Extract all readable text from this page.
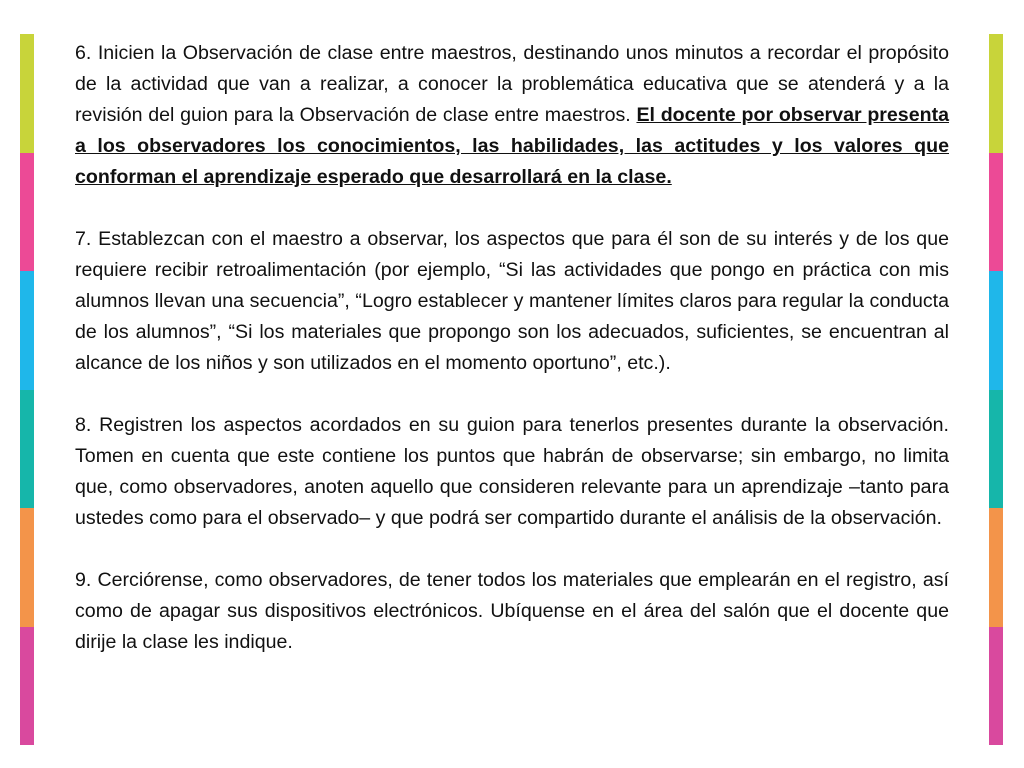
6. Inicien la Observación de clase entre maestros, destinando unos minutos a recordar el propósito de la actividad que van a realizar, a conocer la problemática educativa que se atenderá y a la revisión del guion para la Observación de clase entre maestros. El docente por observar presenta a los observadores los conocimientos, las habilidades, las actitudes y los valores que conforman el aprendizaje esperado que desarrollará en la clase.

7. Establezcan con el maestro a observar, los aspectos que para él son de su interés y de los que requiere recibir retroalimentación (por ejemplo, “Si las actividades que pongo en práctica con mis alumnos llevan una secuencia”, “Logro establecer y mantener límites claros para regular la conducta de los alumnos”, “Si los materiales que propongo son los adecuados, suficientes, se encuentran al alcance de los niños y son utilizados en el momento oportuno”, etc.).

8. Registren los aspectos acordados en su guion para tenerlos presentes durante la observación. Tomen en cuenta que este contiene los puntos que habrán de observarse; sin embargo, no limita que, como observadores, anoten aquello que consideren relevante para un aprendizaje –tanto para ustedes como para el observado– y que podrá ser compartido durante el análisis de la observación.

9. Cerciórense, como observadores, de tener todos los materiales que emplearán en el registro, así como de apagar sus dispositivos electrónicos. Ubíquense en el área del salón que el docente que dirije la clase les indique.
